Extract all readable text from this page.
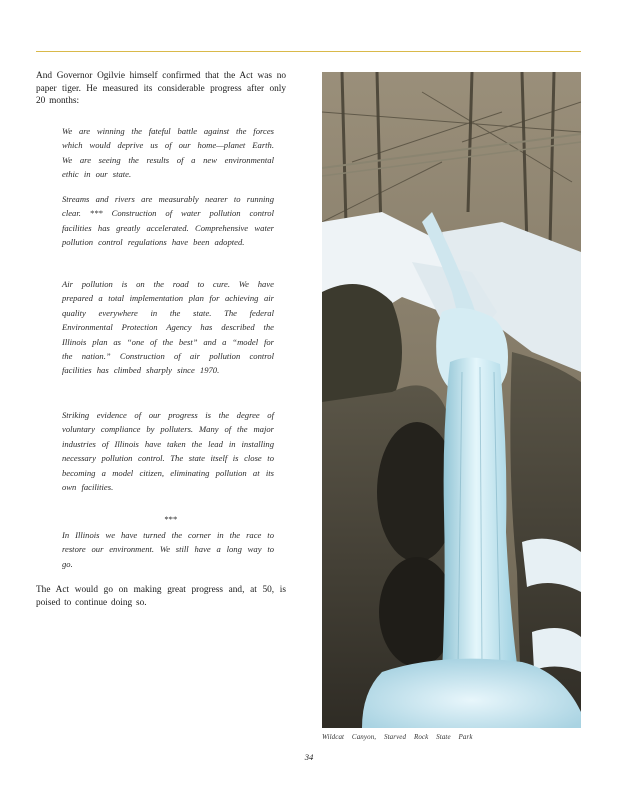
And Governor Ogilvie himself confirmed that the Act was no paper tiger. He measured its considerable progress after only 20 months:

We are winning the fateful battle against the forces which would deprive us of our home—planet Earth. We are seeing the results of a new environmental ethic in our state.

Streams and rivers are measurably nearer to running clear. *** Construction of water pollution control facilities has greatly accelerated. Comprehensive water pollution control regulations have been adopted.

Air pollution is on the road to cure. We have prepared a total implementation plan for achieving air quality everywhere in the state. The federal Environmental Protection Agency has described the Illinois plan as “one of the best” and a “model for the nation.” Construction of air pollution control facilities has climbed sharply since 1970.

Striking evidence of our progress is the degree of voluntary compliance by polluters. Many of the major industries of Illinois have taken the lead in installing necessary pollution control. The state itself is close to becoming a model citizen, eliminating pollution at its own facilities.

***

In Illinois we have turned the corner in the race to restore our environment. We still have a long way to go.

The Act would go on making great progress and, at 50, is poised to continue doing so.

Wildcat Canyon, Starved Rock State Park
34
